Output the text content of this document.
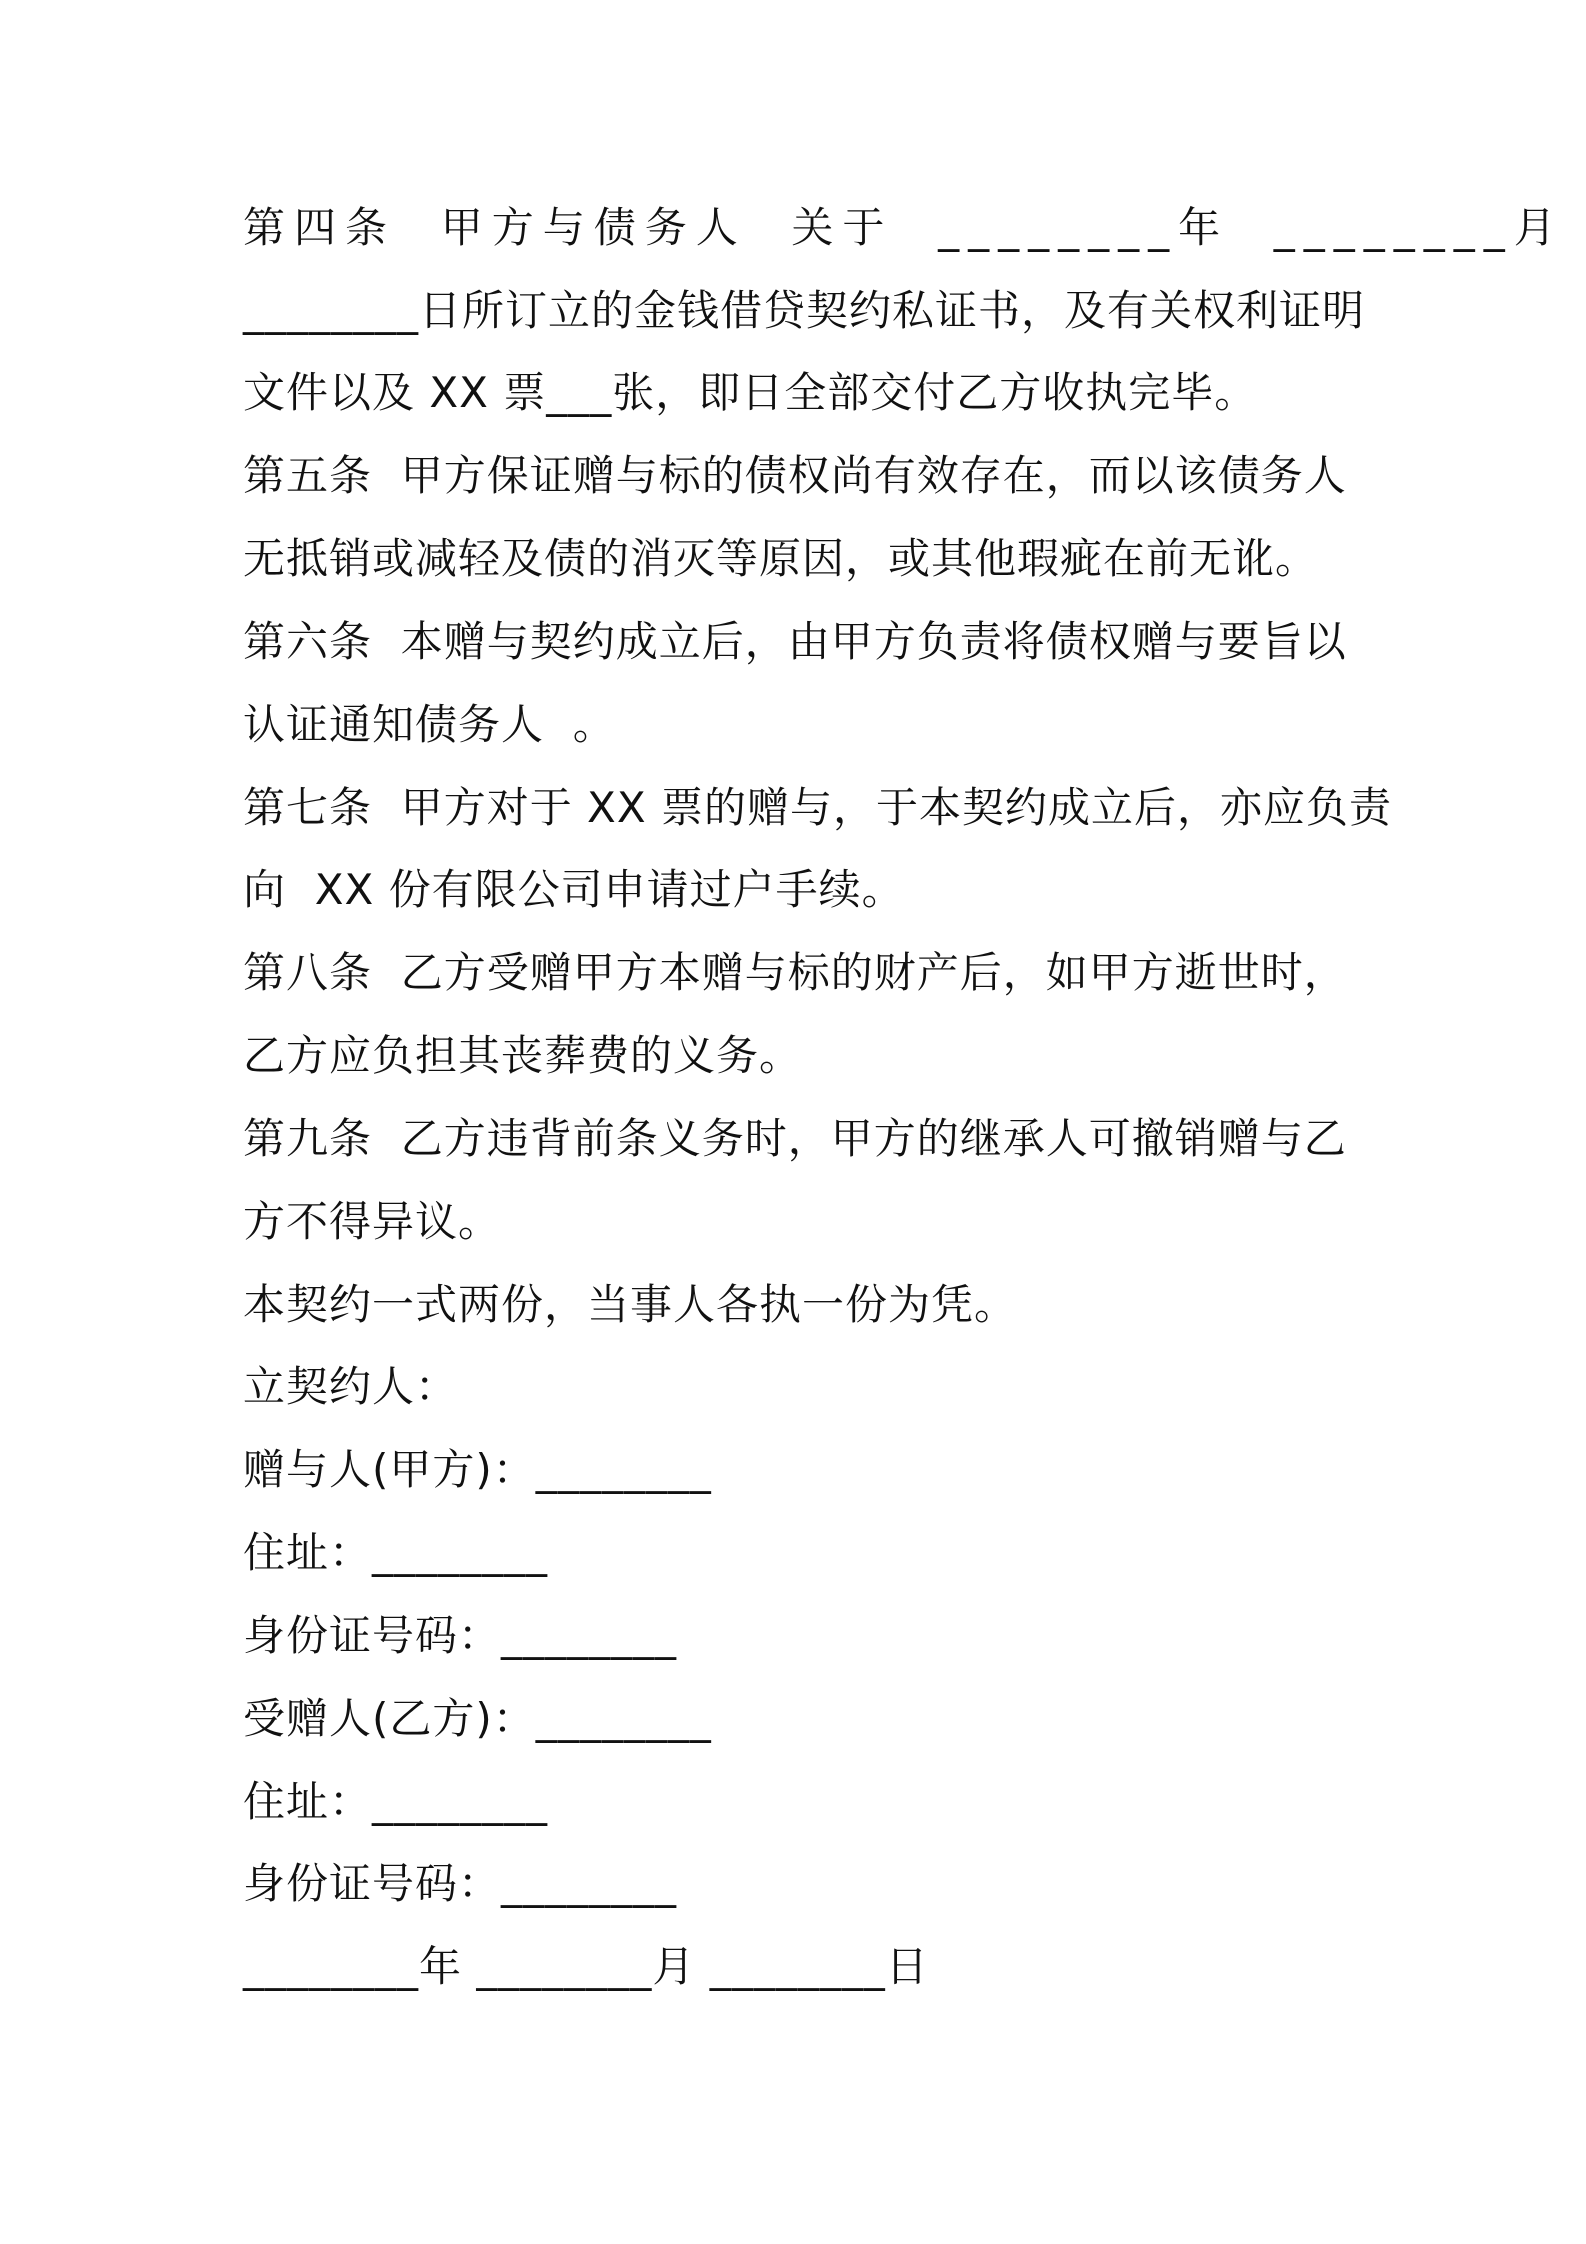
第四条  甲方与债务人  关于  ________年  ________月
________日所订立的金钱借贷契约私证书，及有关权利证明
文件以及 XX 票___张，即日全部交付乙方收执完毕。
第五条  甲方保证赠与标的债权尚有效存在，而以该债务人
无抵销或减轻及债的消灭等原因，或其他瑕疵在前无讹。
第六条  本赠与契约成立后，由甲方负责将债权赠与要旨以
认证通知债务人  。
第七条  甲方对于 XX 票的赠与，于本契约成立后，亦应负责
向  XX 份有限公司申请过户手续。
第八条  乙方受赠甲方本赠与标的财产后，如甲方逝世时，
乙方应负担其丧葬费的义务。
第九条  乙方违背前条义务时，甲方的继承人可撤销赠与乙
方不得异议。
本契约一式两份，当事人各执一份为凭。
立契约人：
赠与人(甲方)：________
住址：________
身份证号码：________
受赠人(乙方)：________
住址：________
身份证号码：________
________年 ________月 ________日
